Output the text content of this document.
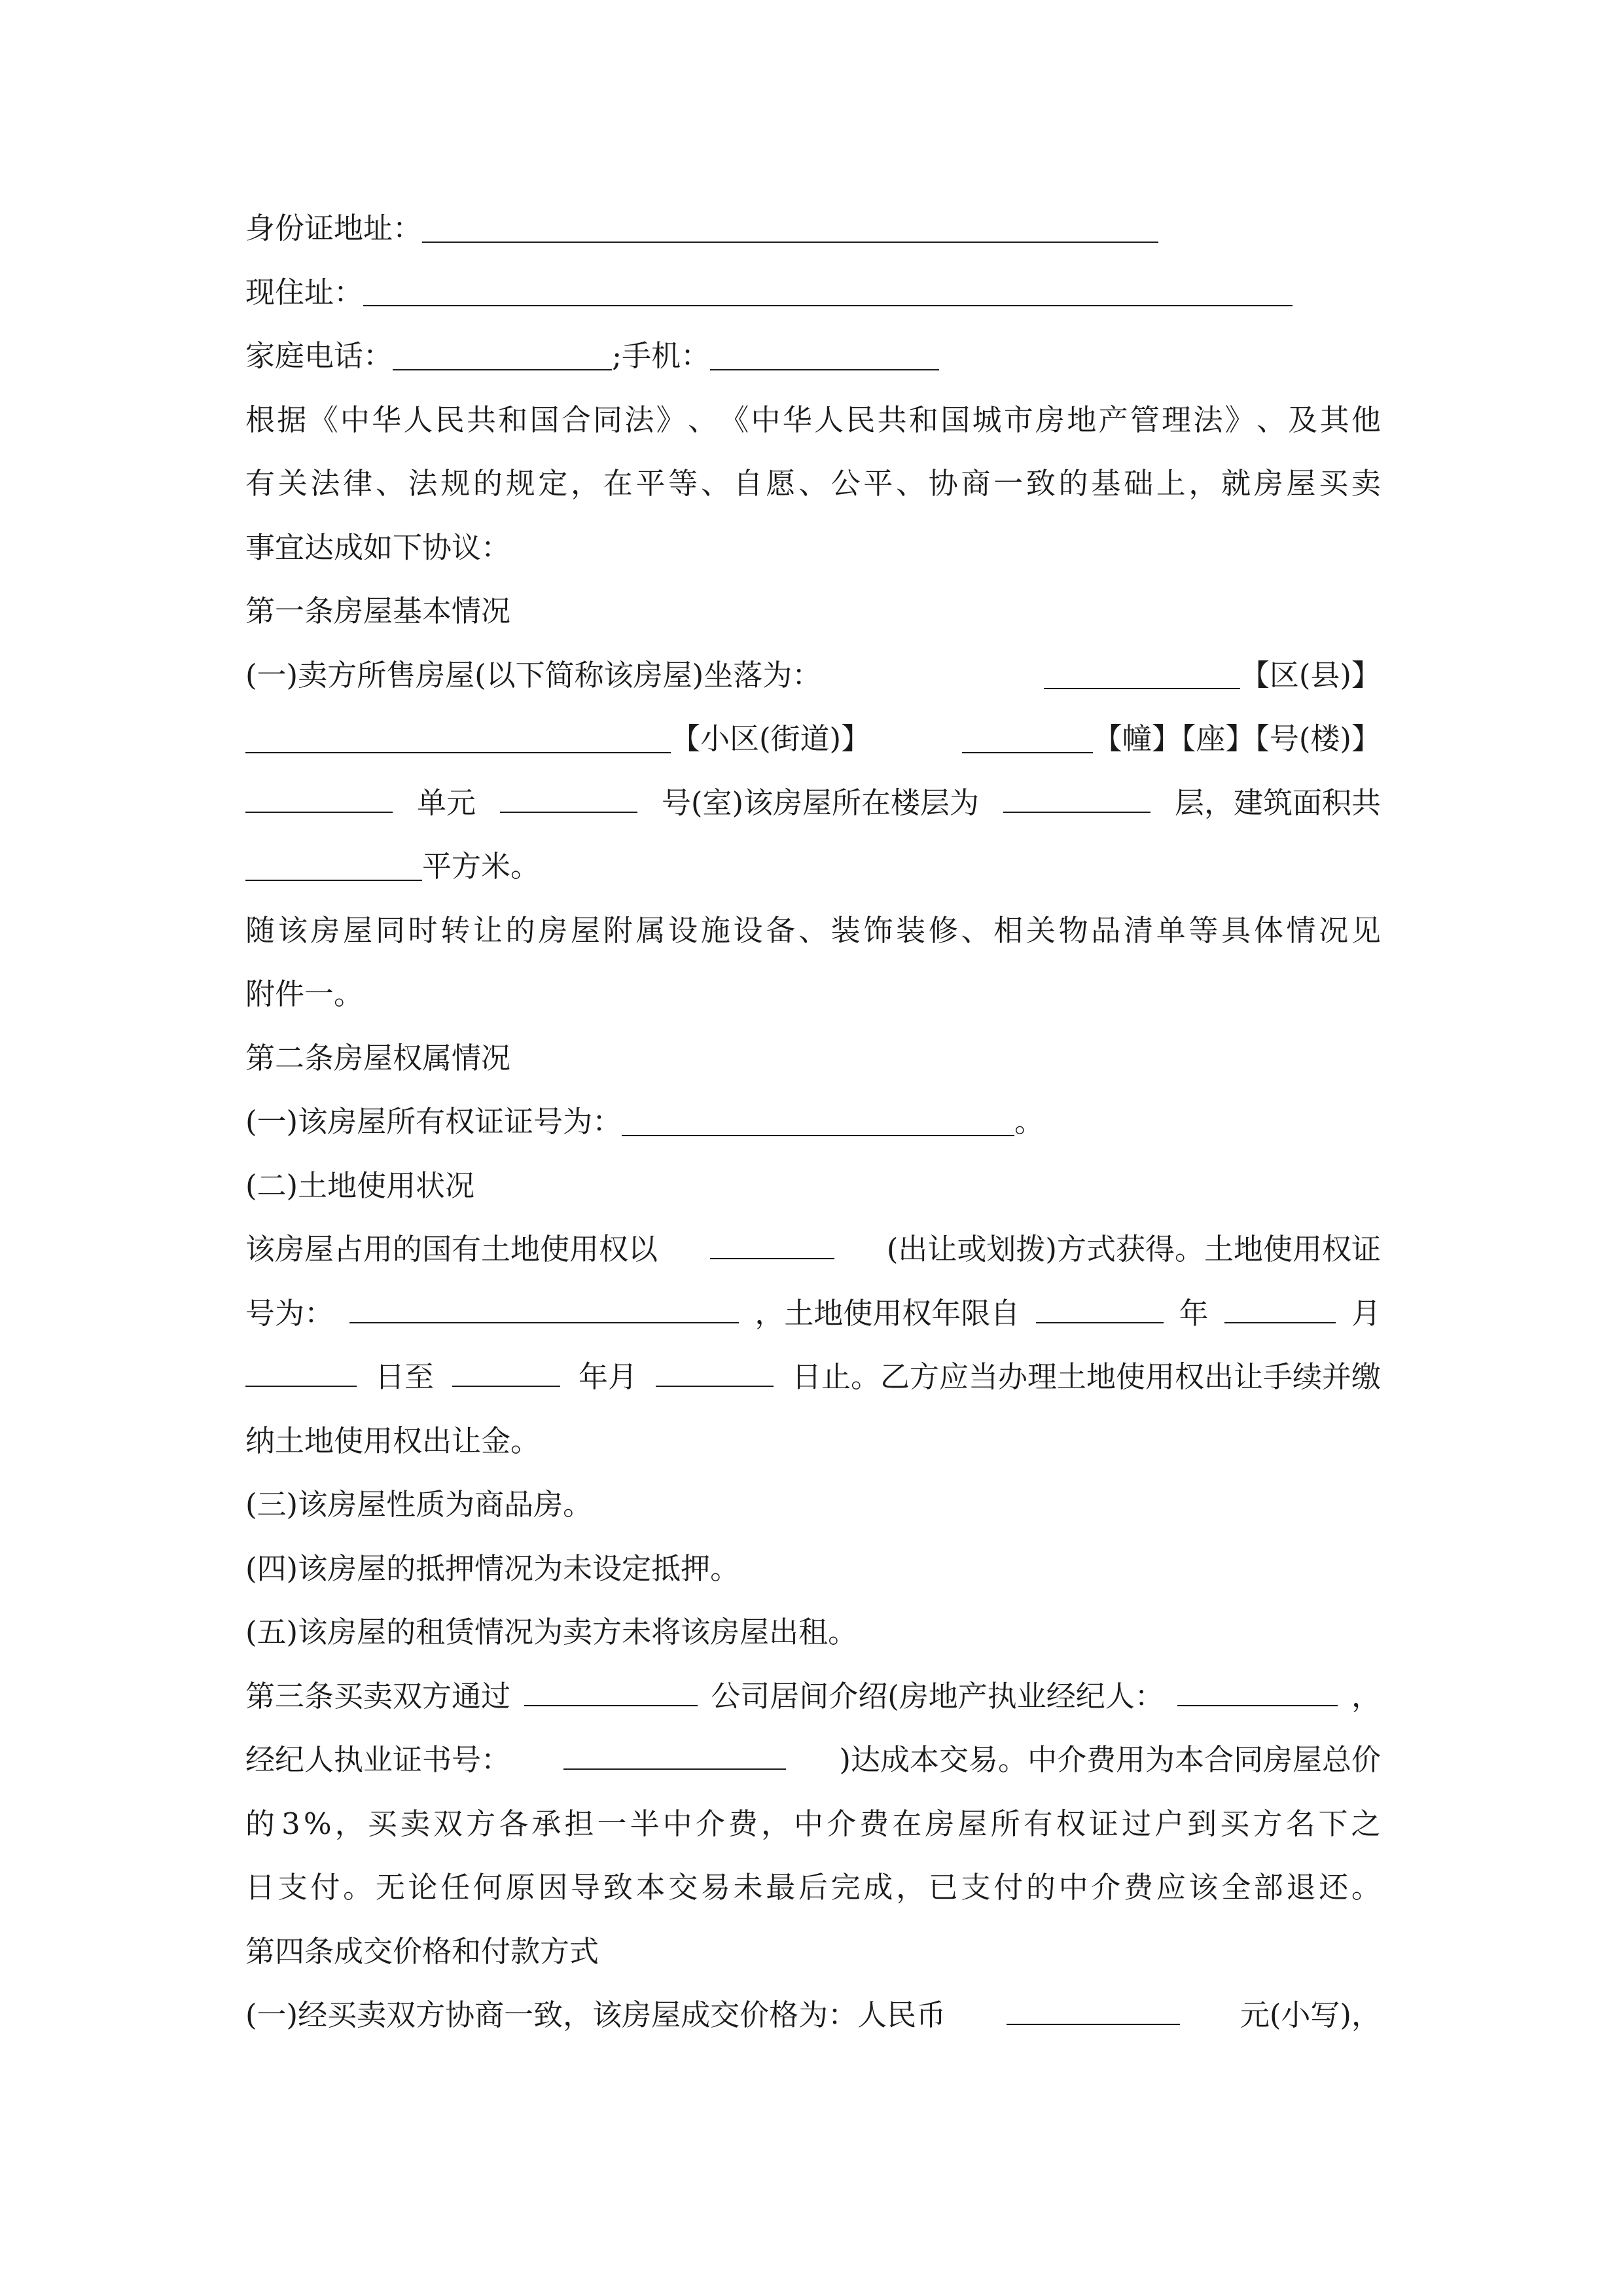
身份证地址：
现住址：
家庭电话：	;手机：
根 据 《 中 华 人 民 共 和 国 合 同 法 》 、 《 中 华 人 民 共 和 国 城 市 房 地 产 管 理 法 》 、 及 其 他
有 关 法 律 、 法 规 的 规 定 ， 在 平 等 、 自 愿 、 公 平 、 协 商 一 致 的 基 础 上 ， 就 房 屋 买 卖
事宜达成如下协议：
第一条房屋基本情况
(一)卖方所售房屋(以下简称该房屋)坐落为：	【区(县)】
【小区(街道)】	【幢】【座】【号(楼)】
单元	号(室)该房屋所在楼层为	层，建筑面积共
平方米。
随 该 房 屋 同 时 转 让 的 房 屋 附 属 设 施 设 备 、 装 饰 装 修 、 相 关 物 品 清 单 等 具 体 情 况 见
附件一。
第二条房屋权属情况
(一)该房屋所有权证证号为：	。
(二)土地使用状况
该房屋占用的国有土地使用权以	(出让或划拨)方式获得。土地使用权证
号为：	，土地使用权年限自	年	月
日至	年月	日止。乙方应当办理土地使用权出让手续并缴
纳土地使用权出让金。
(三)该房屋性质为商品房。
(四)该房屋的抵押情况为未设定抵押。
(五)该房屋的租赁情况为卖方未将该房屋出租。
第三条买卖双方通过	公司居间介绍(房地产执业经纪人：	，
经纪人执业证书号：	)达成本交易。中介费用为本合同房屋总价
的 3 % ， 买 卖 双 方 各 承 担 一 半 中 介 费 ， 中 介 费 在 房 屋 所 有 权 证 过 户 到 买 方 名 下 之
日 支 付 。 无 论 任 何 原 因 导 致 本 交 易 未 最 后 完 成 ， 已 支 付 的 中 介 费 应 该 全 部 退 还 。
第四条成交价格和付款方式
(一)经买卖双方协商一致，该房屋成交价格为：人民币	元(小写)，
